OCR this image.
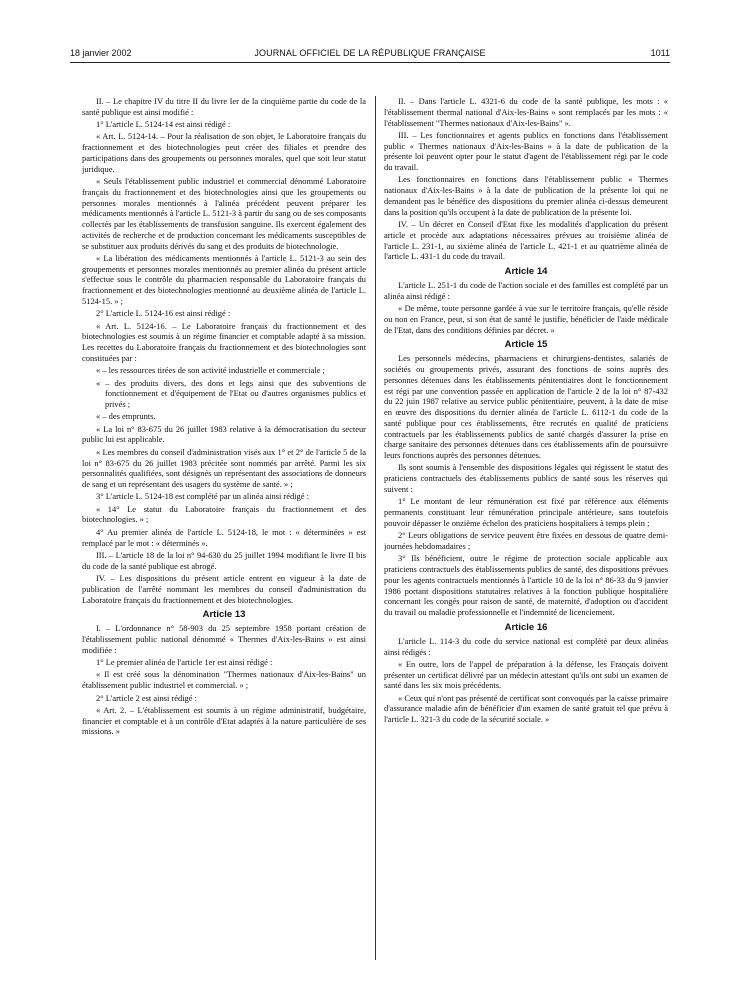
18 janvier 2002	JOURNAL OFFICIEL DE LA RÉPUBLIQUE FRANÇAISE	1011

II. – Le chapitre IV du titre II du livre Ier de la cinquième partie du code de la santé publique est ainsi modifié :

1° L'article L. 5124-14 est ainsi rédigé :

« Art. L. 5124-14. – Pour la réalisation de son objet, le Laboratoire français du fractionnement et des biotechnologies peut créer des filiales et prendre des participations dans des groupements ou personnes morales, quel que soit leur statut juridique.

« Seuls l'établissement public industriel et commercial dénommé Laboratoire français du fractionnement et des biotechnologies ainsi que les groupements ou personnes morales mentionnés à l'alinéa précédent peuvent préparer les médicaments mentionnés à l'article L. 5121-3 à partir du sang ou de ses composants collectés par les établissements de transfusion sanguine. Ils exercent également des activités de recherche et de production concernant les médicaments susceptibles de se substituer aux produits dérivés du sang et des produits de biotechnologie.

« La libération des médicaments mentionnés à l'article L. 5121-3 au sein des groupements et personnes morales mentionnés au premier alinéa du présent article s'effectue sous le contrôle du pharmacien responsable du Laboratoire français du fractionnement et des biotechnologies mentionné au deuxième alinéa de l'article L. 5124-15. » ;

2° L'article L. 5124-16 est ainsi rédigé :

« Art. L. 5124-16. – Le Laboratoire français du fractionnement et des biotechnologies est soumis à un régime financier et comptable adapté à sa mission. Les recettes du Laboratoire français du fractionnement et des biotechnologies sont constituées par :

« – les ressources tirées de son activité industrielle et commerciale ;

« – des produits divers, des dons et legs ainsi que des subventions de fonctionnement et d'équipement de l'Etat ou d'autres organismes publics et privés ;

« – des emprunts.

« La loi n° 83-675 du 26 juillet 1983 relative à la démocratisation du secteur public lui est applicable.

« Les membres du conseil d'administration visés aux 1° et 2° de l'article 5 de la loi n° 83-675 du 26 juillet 1983 précitée sont nommés par arrêté. Parmi les six personnalités qualifiées, sont désignés un représentant des associations de donneurs de sang et un représentant des usagers du système de santé. » ;

3° L'article L. 5124-18 est complété par un alinéa ainsi rédigé :

« 14° Le statut du Laboratoire français du fractionnement et des biotechnologies. » ;

4° Au premier alinéa de l'article L. 5124-18, le mot : « déterminées » est remplacé par le mot : « déterminés ».

III. – L'article 18 de la loi n° 94-630 du 25 juillet 1994 modifiant le livre II bis du code de la santé publique est abrogé.

IV. – Les dispositions du présent article entrent en vigueur à la date de publication de l'arrêté nommant les membres du conseil d'administration du Laboratoire français du fractionnement et des biotechnologies.

Article 13

I. – L'ordonnance n° 58-903 du 25 septembre 1958 portant création de l'établissement public national dénommé « Thermes d'Aix-les-Bains » est ainsi modifiée :

1° Le premier alinéa de l'article 1er est ainsi rédigé :

« Il est créé sous la dénomination "Thermes nationaux d'Aix-les-Bains" un établissement public industriel et commercial. » ;

2° L'article 2 est ainsi rédigé :

« Art. 2. – L'établissement est soumis à un régime administratif, budgétaire, financier et comptable et à un contrôle d'Etat adaptés à la nature particulière de ses missions. »

II. – Dans l'article L. 4321-6 du code de la santé publique, les mots : « l'établissement thermal national d'Aix-les-Bains » sont remplacés par les mots : « l'établissement "Thermes nationaux d'Aix-les-Bains" ».

III. – Les fonctionnaires et agents publics en fonctions dans l'établissement public « Thermes nationaux d'Aix-les-Bains » à la date de publication de la présente loi peuvent opter pour le statut d'agent de l'établissement régi par le code du travail.

Les fonctionnaires en fonctions dans l'établissement public « Thermes nationaux d'Aix-les-Bains » à la date de publication de la présente loi qui ne demandent pas le bénéfice des dispositions du premier alinéa ci-dessus demeurent dans la position qu'ils occupent à la date de publication de la présente loi.

IV. – Un décret en Conseil d'Etat fixe les modalités d'application du présent article et procède aux adaptations nécessaires prévues au troisième alinéa de l'article L. 231-1, au sixième alinéa de l'article L. 421-1 et au quatrième alinéa de l'article L. 431-1 du code du travail.

Article 14

L'article L. 251-1 du code de l'action sociale et des familles est complété par un alinéa ainsi rédigé :

« De même, toute personne gardée à vue sur le territoire français, qu'elle réside ou non en France, peut, si son état de santé le justifie, bénéficier de l'aide médicale de l'Etat, dans des conditions définies par décret. »

Article 15

Les personnels médecins, pharmaciens et chirurgiens-dentistes, salariés de sociétés ou groupements privés, assurant des fonctions de soins auprès des personnes détenues dans les établissements pénitentiaires dont le fonctionnement est régi par une convention passée en application de l'article 2 de la loi n° 87-432 du 22 juin 1987 relative au service public pénitentiaire, peuvent, à la date de mise en œuvre des dispositions du dernier alinéa de l'article L. 6112-1 du code de la santé publique pour ces établissements, être recrutés en qualité de praticiens contractuels par les établissements publics de santé chargés d'assurer la prise en charge sanitaire des personnes détenues dans ces établissements afin de poursuivre leurs fonctions auprès des personnes détenues.

Ils sont soumis à l'ensemble des dispositions légales qui régissent le statut des praticiens contractuels des établissements publics de santé sous les réserves qui suivent :

1° Le montant de leur rémunération est fixé par référence aux éléments permanents constituant leur rémunération principale antérieure, sans toutefois pouvoir dépasser le onzième échelon des praticiens hospitaliers à temps plein ;

2° Leurs obligations de service peuvent être fixées en dessous de quatre demi-journées hebdomadaires ;

3° Ils bénéficient, outre le régime de protection sociale applicable aux praticiens contractuels des établissements publics de santé, des dispositions prévues pour les agents contractuels mentionnés à l'article 10 de la loi n° 86-33 du 9 janvier 1986 portant dispositions statutaires relatives à la fonction publique hospitalière concernant les congés pour raison de santé, de maternité, d'adoption ou d'accident du travail ou maladie professionnelle et l'indemnité de licenciement.

Article 16

L'article L. 114-3 du code du service national est complété par deux alinéas ainsi rédigés :

« En outre, lors de l'appel de préparation à la défense, les Français doivent présenter un certificat délivré par un médecin attestant qu'ils ont subi un examen de santé dans les six mois précédents.

« Ceux qui n'ont pas présenté de certificat sont convoqués par la caisse primaire d'assurance maladie afin de bénéficier d'un examen de santé gratuit tel que prévu à l'article L. 321-3 du code de la sécurité sociale. »
